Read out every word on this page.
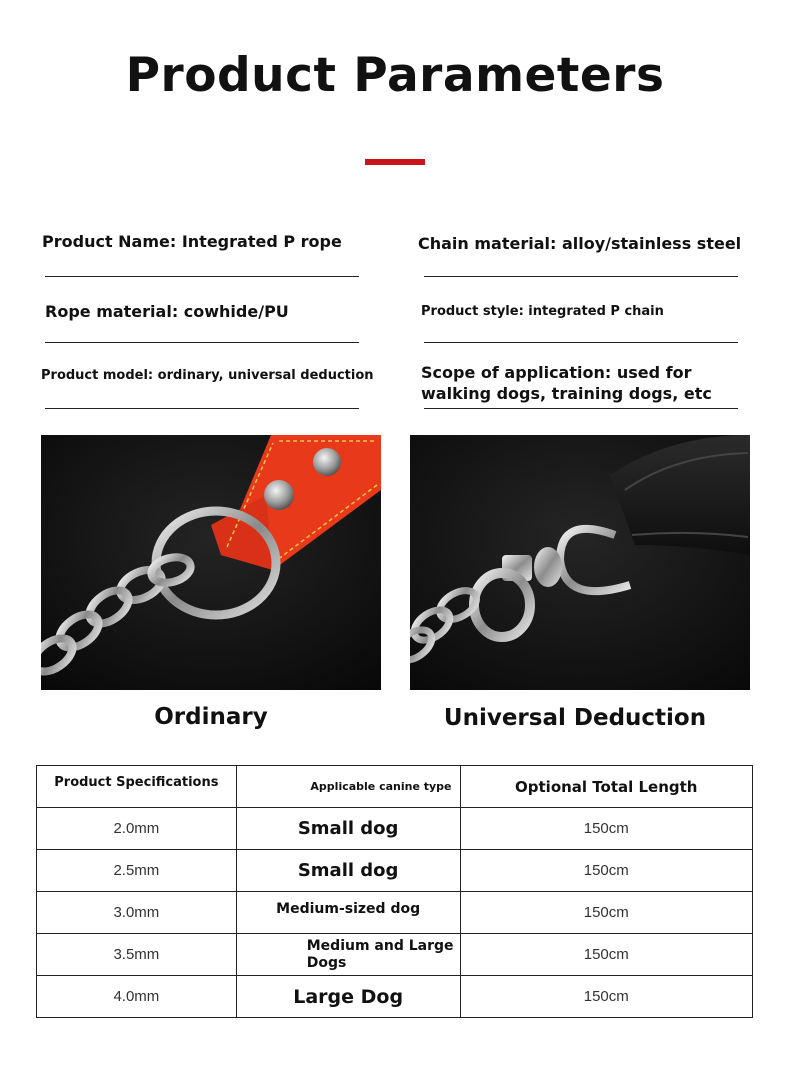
Product Parameters
Product Name: Integrated P rope	Chain material: alloy/stainless steel
Rope material: cowhide/PU	Product style: integrated P chain
Product model: ordinary, universal deduction	Scope of application: used for walking dogs, training dogs, etc
Ordinary	Universal Deduction
Product Specifications	Applicable canine type	Optional Total Length
2.0mm	Small dog	150cm
2.5mm	Small dog	150cm
3.0mm	Medium-sized dog	150cm
3.5mm	Medium and Large Dogs	150cm
4.0mm	Large Dog	150cm
